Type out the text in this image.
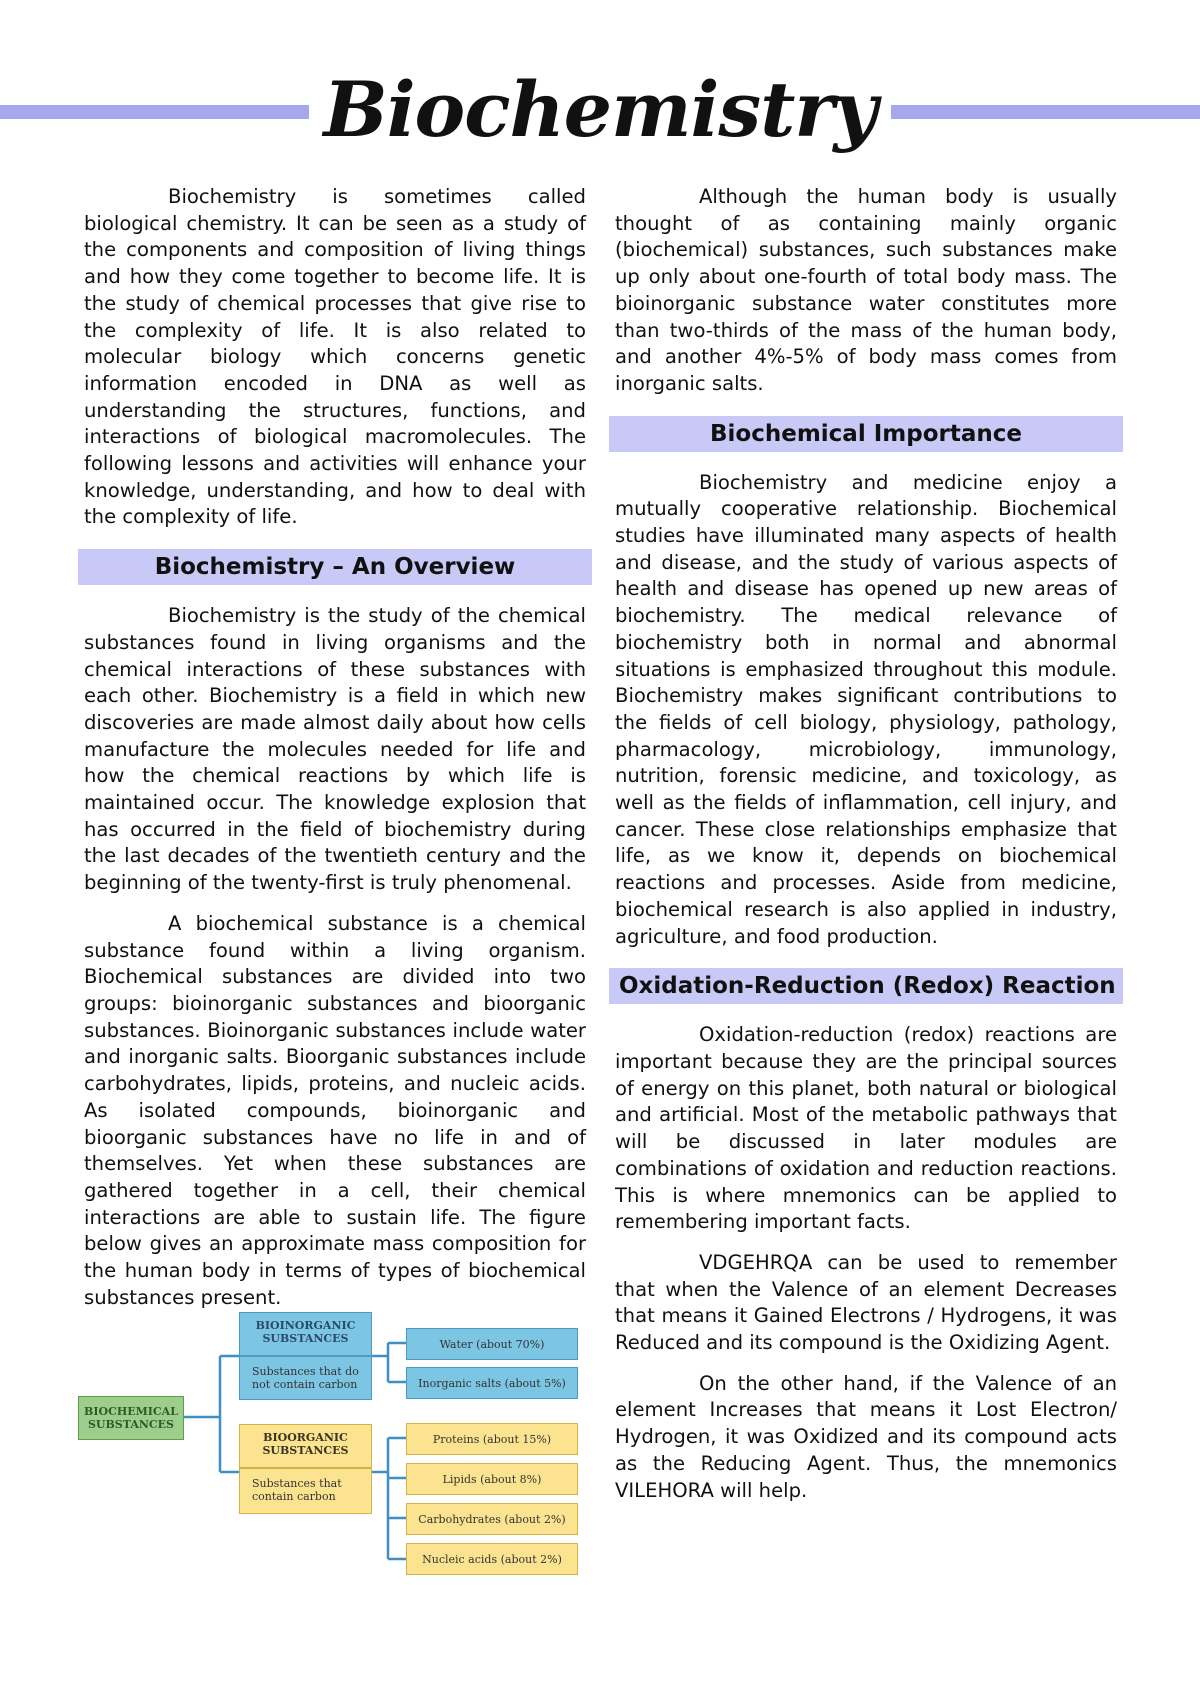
Biochemistry

Biochemistry is sometimes called biological chemistry. It can be seen as a study of the components and composition of living things and how they come together to become life. It is the study of chemical processes that give rise to the complexity of life. It is also related to molecular biology which concerns genetic information encoded in DNA as well as understanding the structures, functions, and interactions of biological macromolecules. The following lessons and activities will enhance your knowledge, understanding, and how to deal with the complexity of life.

Biochemistry – An Overview

Biochemistry is the study of the chemical substances found in living organisms and the chemical interactions of these substances with each other. Biochemistry is a field in which new discoveries are made almost daily about how cells manufacture the molecules needed for life and how the chemical reactions by which life is maintained occur. The knowledge explosion that has occurred in the field of biochemistry during the last decades of the twentieth century and the beginning of the twenty-first is truly phenomenal.

A biochemical substance is a chemical substance found within a living organism. Biochemical substances are divided into two groups: bioinorganic substances and bioorganic substances. Bioinorganic substances include water and inorganic salts. Bioorganic substances include carbohydrates, lipids, proteins, and nucleic acids. As isolated compounds, bioinorganic and bioorganic substances have no life in and of themselves. Yet when these substances are gathered together in a cell, their chemical interactions are able to sustain life. The figure below gives an approximate mass composition for the human body in terms of types of biochemical substances present.

BIOCHEMICAL SUBSTANCES
BIOINORGANIC SUBSTANCES
Substances that do not contain carbon
Water (about 70%)
Inorganic salts (about 5%)
BIOORGANIC SUBSTANCES
Substances that contain carbon
Proteins (about 15%)
Lipids (about 8%)
Carbohydrates (about 2%)
Nucleic acids (about 2%)

Although the human body is usually thought of as containing mainly organic (biochemical) substances, such substances make up only about one-fourth of total body mass. The bioinorganic substance water constitutes more than two-thirds of the mass of the human body, and another 4%-5% of body mass comes from inorganic salts.

Biochemical Importance

Biochemistry and medicine enjoy a mutually cooperative relationship. Biochemical studies have illuminated many aspects of health and disease, and the study of various aspects of health and disease has opened up new areas of biochemistry. The medical relevance of biochemistry both in normal and abnormal situations is emphasized throughout this module. Biochemistry makes significant contributions to the fields of cell biology, physiology, pathology, pharmacology, microbiology, immunology, nutrition, forensic medicine, and toxicology, as well as the fields of inflammation, cell injury, and cancer. These close relationships emphasize that life, as we know it, depends on biochemical reactions and processes. Aside from medicine, biochemical research is also applied in industry, agriculture, and food production.

Oxidation-Reduction (Redox) Reaction

Oxidation-reduction (redox) reactions are important because they are the principal sources of energy on this planet, both natural or biological and artificial. Most of the metabolic pathways that will be discussed in later modules are combinations of oxidation and reduction reactions. This is where mnemonics can be applied to remembering important facts.

VDGEHRQA can be used to remember that when the Valence of an element Decreases that means it Gained Electrons / Hydrogens, it was Reduced and its compound is the Oxidizing Agent.

On the other hand, if the Valence of an element Increases that means it Lost Electron/ Hydrogen, it was Oxidized and its compound acts as the Reducing Agent. Thus, the mnemonics VILEHORA will help.
